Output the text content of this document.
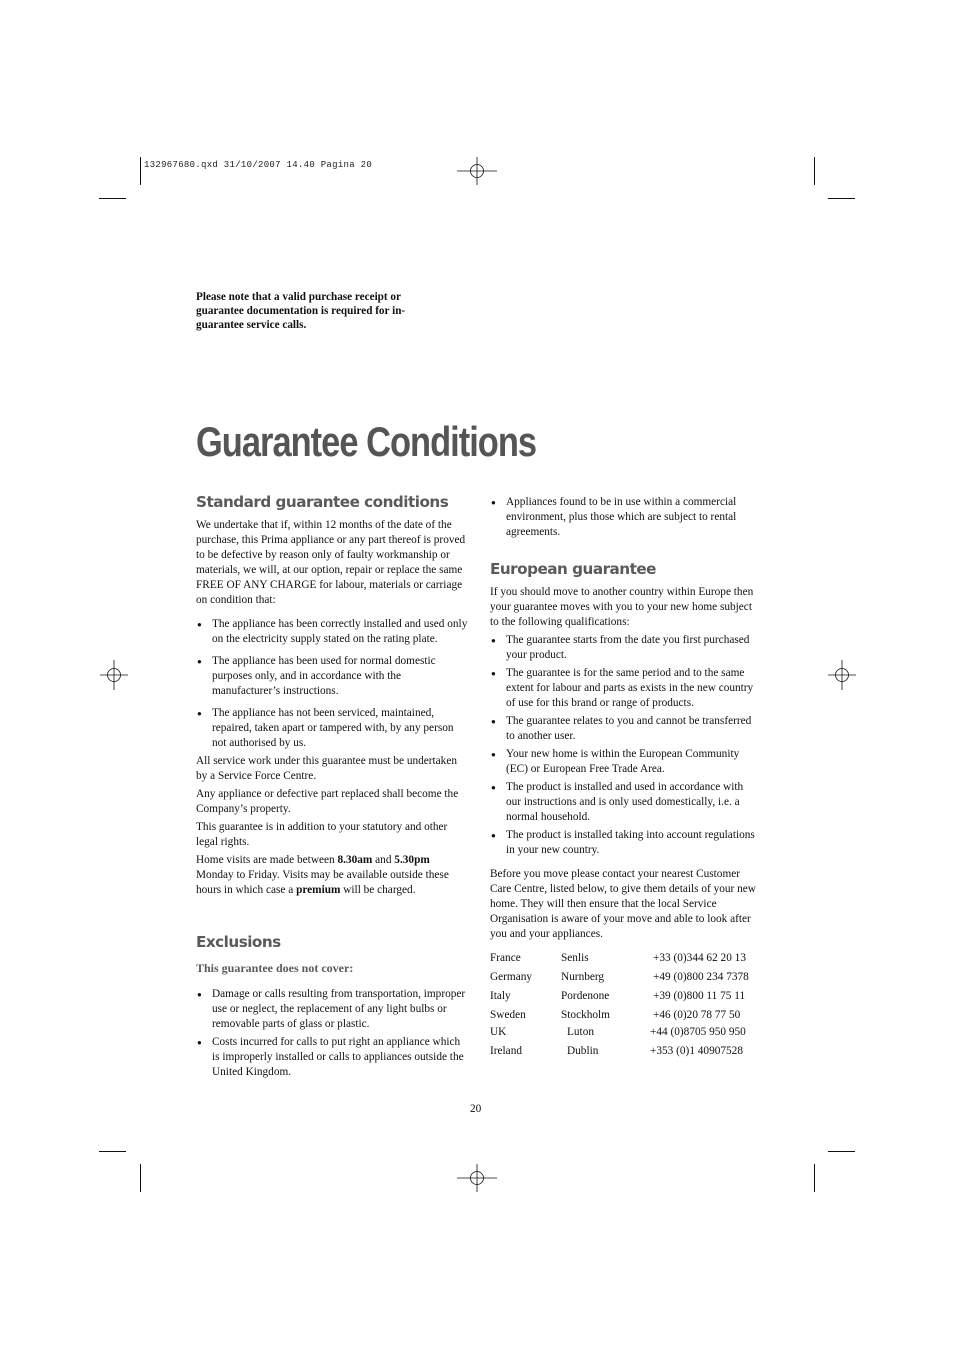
132967680.qxd 31/10/2007 14.40 Pagina 20
Please note that a valid purchase receipt or guarantee documentation is required for in-guarantee service calls.
Guarantee Conditions
Standard guarantee conditions

We undertake that if, within 12 months of the date of the purchase, this Prima appliance or any part thereof is proved to be defective by reason only of faulty workmanship or materials, we will, at our option, repair or replace the same FREE OF ANY CHARGE for labour, materials or carriage on condition that:

● The appliance has been correctly installed and used only on the electricity supply stated on the rating plate.
● The appliance has been used for normal domestic purposes only, and in accordance with the manufacturer’s instructions.
● The appliance has not been serviced, maintained, repaired, taken apart or tampered with, by any person not authorised by us.

All service work under this guarantee must be undertaken by a Service Force Centre.

Any appliance or defective part replaced shall become the Company’s property.

This guarantee is in addition to your statutory and other legal rights.

Home visits are made between 8.30am and 5.30pm Monday to Friday. Visits may be available outside these hours in which case a premium will be charged.

Exclusions
This guarantee does not cover:
● Damage or calls resulting from transportation, improper use or neglect, the replacement of any light bulbs or removable parts of glass or plastic.
● Costs incurred for calls to put right an appliance which is improperly installed or calls to appliances outside the United Kingdom.
● Appliances found to be in use within a commercial environment, plus those which are subject to rental agreements.
European guarantee

If you should move to another country within Europe then your guarantee moves with you to your new home subject to the following qualifications:

● The guarantee starts from the date you first purchased your product.
● The guarantee is for the same period and to the same extent for labour and parts as exists in the new country of use for this brand or range of products.
● The guarantee relates to you and cannot be transferred to another user.
● Your new home is within the European Community (EC) or European Free Trade Area.
● The product is installed and used in accordance with our instructions and is only used domestically, i.e. a normal household.
● The product is installed taking into account regulations in your new country.

Before you move please contact your nearest Customer Care Centre, listed below, to give them details of your new home. They will then ensure that the local Service Organisation is aware of your move and able to look after you and your appliances.

France	Senlis	+33 (0)344 62 20 13
Germany	Nurnberg	+49 (0)800 234 7378
Italy	Pordenone	+39 (0)800 11 75 11
Sweden	Stockholm	+46 (0)20 78 77 50
UK	Luton	+44 (0)8705 950 950
Ireland	Dublin	+353 (0)1 40907528
20
